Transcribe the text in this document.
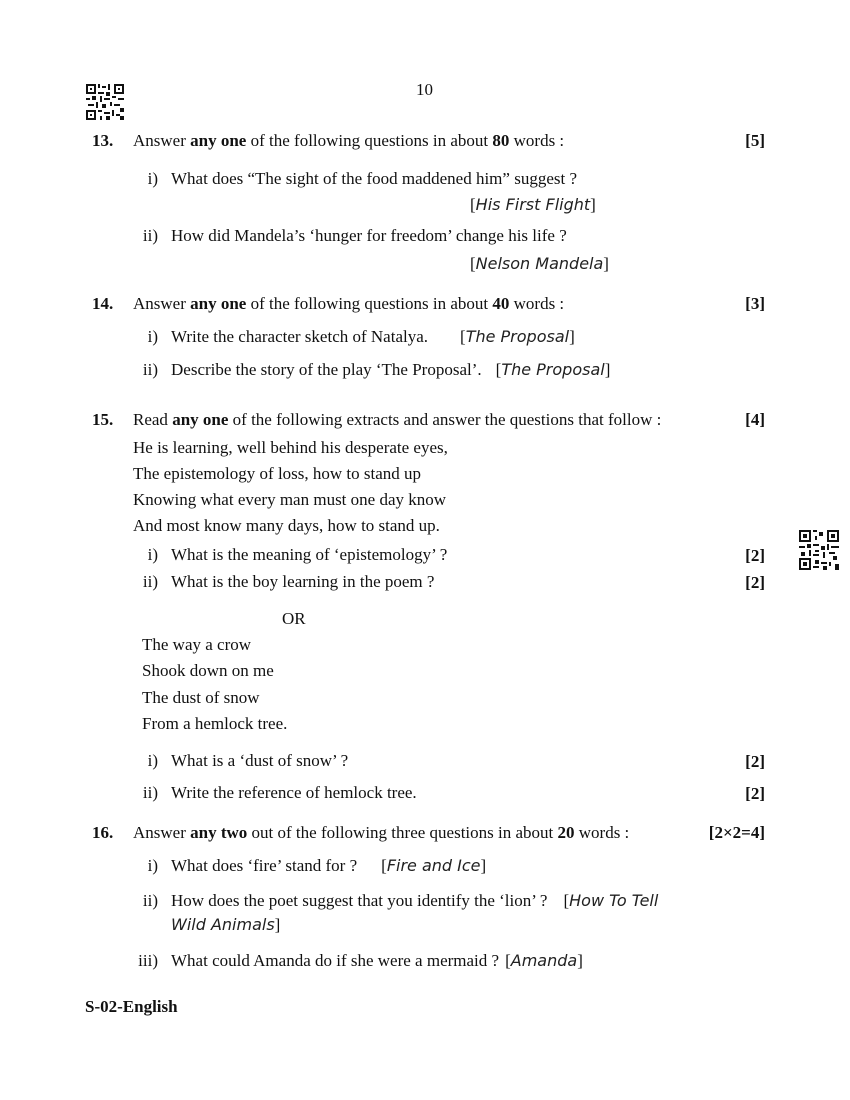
10
13. Answer any one of the following questions in about 80 words :	[5]
i) What does “The sight of the food maddened him” suggest ?
[His First Flight]
ii) How did Mandela’s ‘hunger for freedom’ change his life ?
[Nelson Mandela]
14. Answer any one of the following questions in about 40 words :	[3]
i) Write the character sketch of Natalya. [The Proposal]
ii) Describe the story of the play ‘The Proposal’. [The Proposal]
15. Read any one of the following extracts and answer the questions that follow :	[4]
He is learning, well behind his desperate eyes,
The epistemology of loss, how to stand up
Knowing what every man must one day know
And most know many days, how to stand up.
i) What is the meaning of ‘epistemology’ ?	[2]
ii) What is the boy learning in the poem ?	[2]
OR
The way a crow
Shook down on me
The dust of snow
From a hemlock tree.
i) What is a ‘dust of snow’ ?	[2]
ii) Write the reference of hemlock tree.	[2]
16. Answer any two out of the following three questions in about 20 words :	[2×2=4]
i) What does ‘fire’ stand for ? [Fire and Ice]
ii) How does the poet suggest that you identify the ‘lion’ ? [How To Tell
Wild Animals]
iii) What could Amanda do if she were a mermaid ? [Amanda]
S-02-English
